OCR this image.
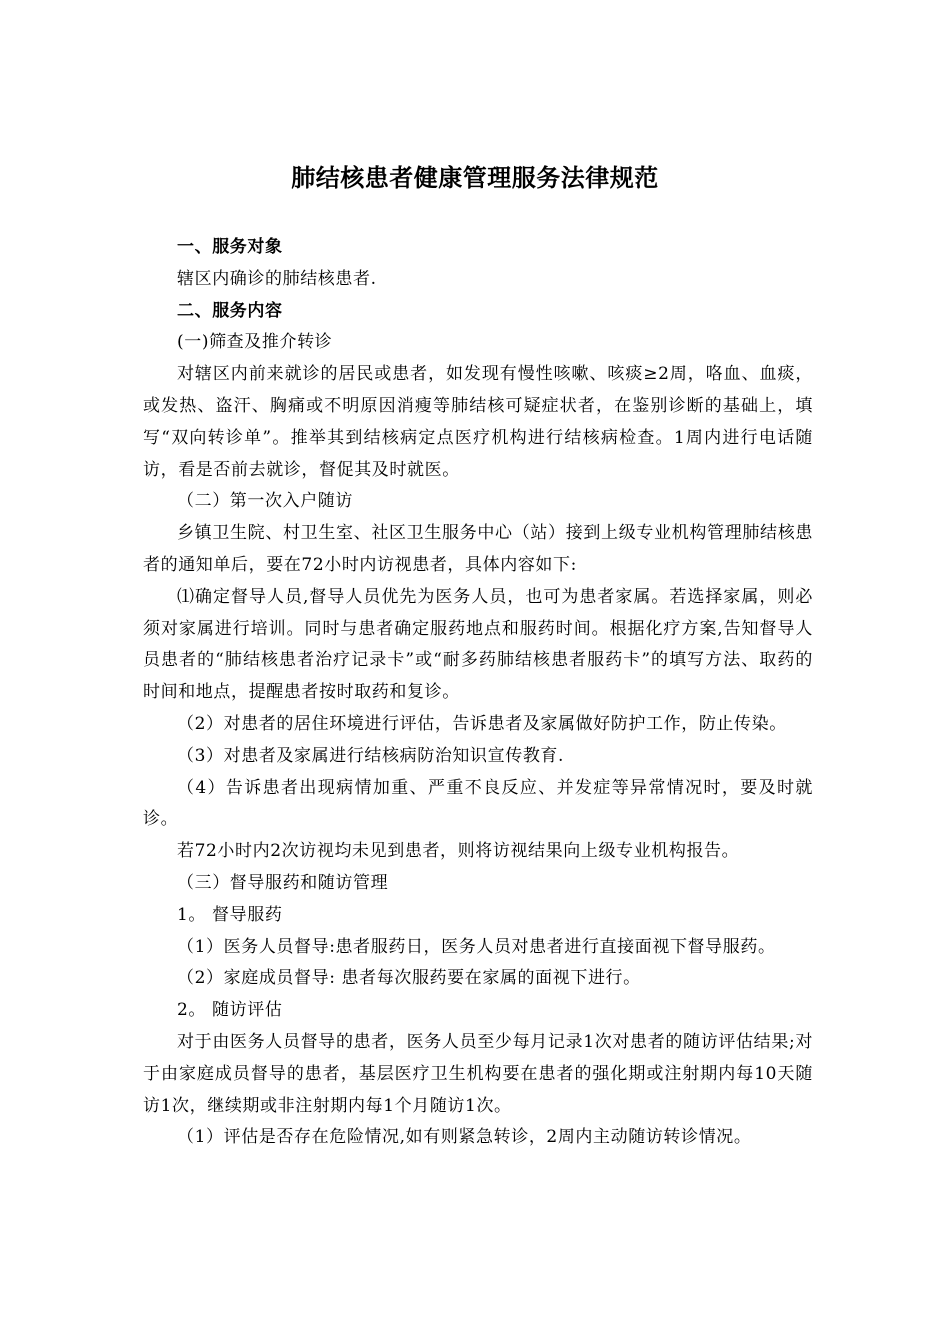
肺结核患者健康管理服务法律规范

一、服务对象

辖区内确诊的肺结核患者.

二、服务内容

(一)筛查及推介转诊

对辖区内前来就诊的居民或患者，如发现有慢性咳嗽、咳痰≥2周，咯血、血痰，或发热、盗汗、胸痛或不明原因消瘦等肺结核可疑症状者，在鉴别诊断的基础上，填写“双向转诊单”。推举其到结核病定点医疗机构进行结核病检查。1周内进行电话随访，看是否前去就诊，督促其及时就医。

（二）第一次入户随访

乡镇卫生院、村卫生室、社区卫生服务中心（站）接到上级专业机构管理肺结核患者的通知单后，要在72小时内访视患者，具体内容如下:

⑴确定督导人员,督导人员优先为医务人员，也可为患者家属。若选择家属，则必须对家属进行培训。同时与患者确定服药地点和服药时间。根据化疗方案,告知督导人员患者的“肺结核患者治疗记录卡”或“耐多药肺结核患者服药卡”的填写方法、取药的时间和地点，提醒患者按时取药和复诊。

（2）对患者的居住环境进行评估，告诉患者及家属做好防护工作，防止传染。

（3）对患者及家属进行结核病防治知识宣传教育.

（4）告诉患者出现病情加重、严重不良反应、并发症等异常情况时，要及时就诊。

若72小时内2次访视均未见到患者，则将访视结果向上级专业机构报告。

（三）督导服药和随访管理

1。 督导服药

（1）医务人员督导:患者服药日，医务人员对患者进行直接面视下督导服药。

（2）家庭成员督导: 患者每次服药要在家属的面视下进行。

2。 随访评估

对于由医务人员督导的患者，医务人员至少每月记录1次对患者的随访评估结果;对于由家庭成员督导的患者，基层医疗卫生机构要在患者的强化期或注射期内每10天随访1次，继续期或非注射期内每1个月随访1次。

（1）评估是否存在危险情况,如有则紧急转诊，2周内主动随访转诊情况。
